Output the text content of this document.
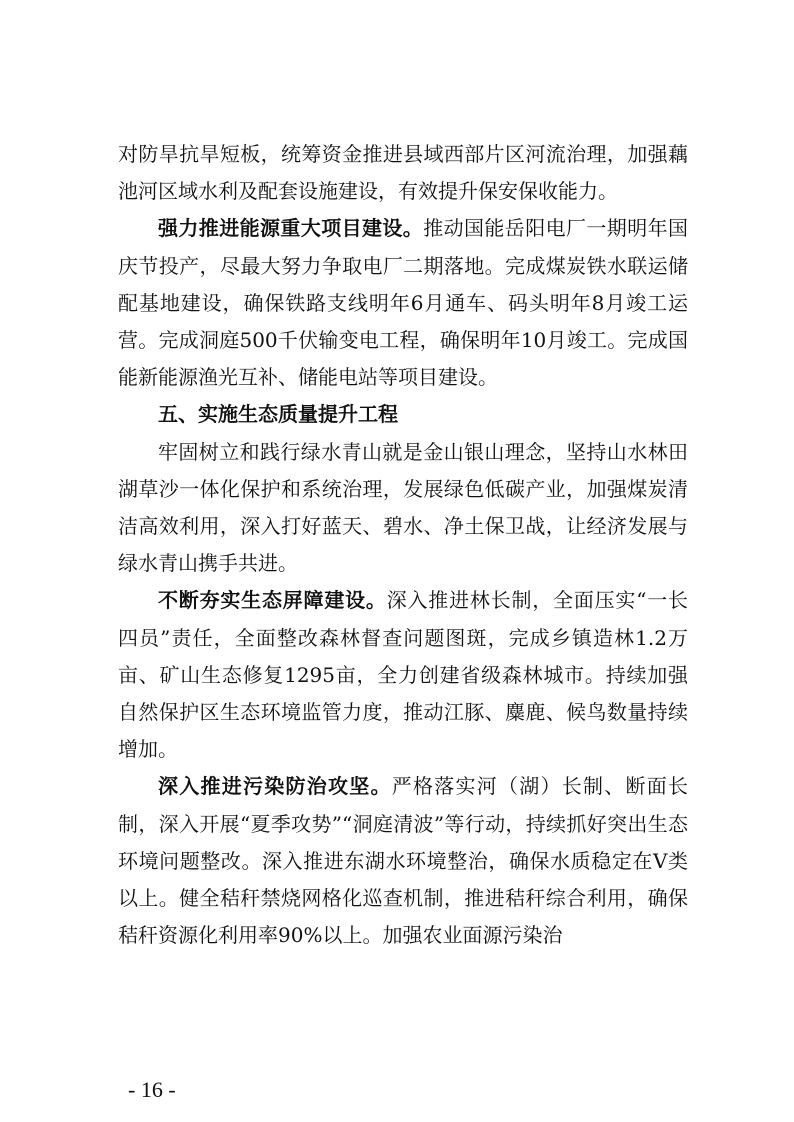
对防旱抗旱短板，统筹资金推进县域西部片区河流治理，加强藕池河区域水利及配套设施建设，有效提升保安保收能力。

强力推进能源重大项目建设。推动国能岳阳电厂一期明年国庆节投产，尽最大努力争取电厂二期落地。完成煤炭铁水联运储配基地建设，确保铁路支线明年6月通车、码头明年8月竣工运营。完成洞庭500千伏输变电工程，确保明年10月竣工。完成国能新能源渔光互补、储能电站等项目建设。

五、实施生态质量提升工程

牢固树立和践行绿水青山就是金山银山理念，坚持山水林田湖草沙一体化保护和系统治理，发展绿色低碳产业，加强煤炭清洁高效利用，深入打好蓝天、碧水、净土保卫战，让经济发展与绿水青山携手共进。

不断夯实生态屏障建设。深入推进林长制，全面压实“一长四员”责任，全面整改森林督查问题图斑，完成乡镇造林1.2万亩、矿山生态修复1295亩，全力创建省级森林城市。持续加强自然保护区生态环境监管力度，推动江豚、麋鹿、候鸟数量持续增加。

深入推进污染防治攻坚。严格落实河（湖）长制、断面长制，深入开展“夏季攻势”“洞庭清波”等行动，持续抓好突出生态环境问题整改。深入推进东湖水环境整治，确保水质稳定在Ⅴ类以上。健全秸秆禁烧网格化巡查机制，推进秸秆综合利用，确保秸秆资源化利用率90%以上。加强农业面源污染治

- 16 -
